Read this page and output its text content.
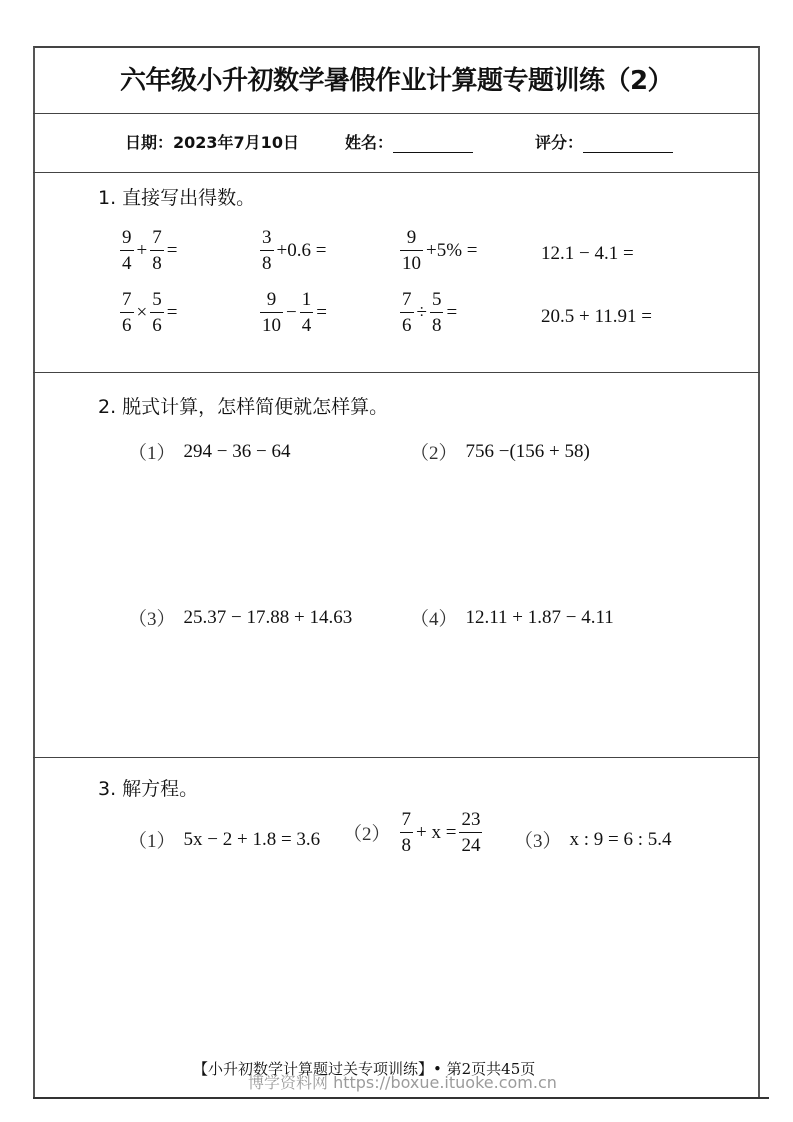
六年级小升初数学暑假作业计算题专题训练（2）
日期：2023年7月10日	姓名：	评分：
1. 直接写出得数。
$\frac{9}{4} + \frac{7}{8}$ =	$\frac{3}{8} +0.6$ =	$\frac{9}{10} +5\%$ =	12.1 − 4.1 =
$\frac{7}{6} \times \frac{5}{6}$ =	$\frac{9}{10} - \frac{1}{4}$ =	$\frac{7}{6} \div \frac{5}{8}$ =	20.5 + 11.91 =
2. 脱式计算，怎样简便就怎样算。
（1） 294 − 36 − 64	（2） 756 −(156 + 58)
（3） 25.37 − 17.88 + 14.63	（4） 12.11 + 1.87 − 4.11
3. 解方程。
（1） 5x − 2 + 1.8 = 3.6 $(2) \frac{7}{8} + x = \frac{23}{24} (3)$ x : 9 = 6 : 5.4
【小升初数学计算题过关专项训练】• 第2页共45页
博学资料网 https://boxue.ituoke.com.cn
